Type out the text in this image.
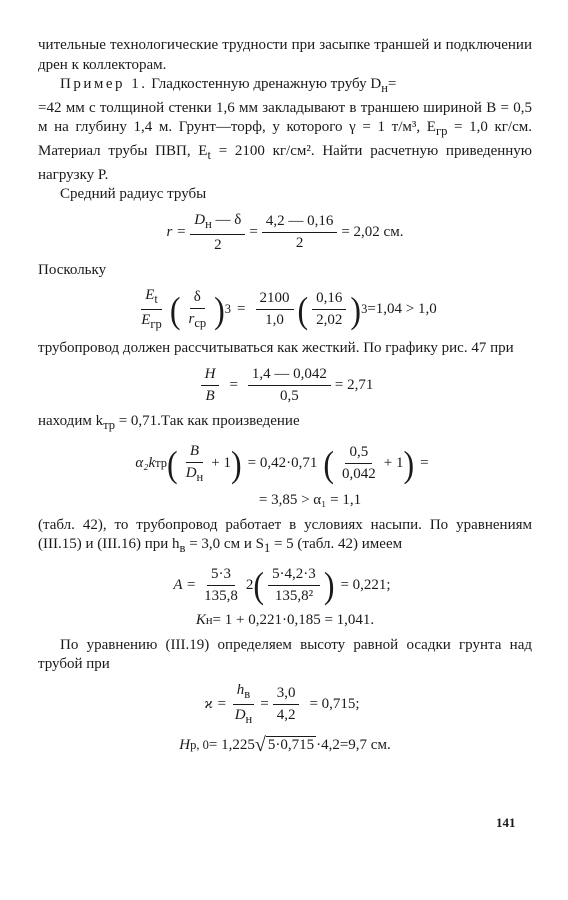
чительные технологические трудности при засыпке траншей и подключении дрен к коллекторам.

Пример 1. Гладкостенную дренажную трубу $D_н=$
=42 мм с толщиной стенки 1,6 мм закладывают в траншею шириной B = 0,5 м на глубину 1,4 м. Грунт—торф, у которого γ = 1 т/м³, $E_{гр} = 1,0$ кг/см. Материал трубы ПВП, $E_t = 2100$ кг/см². Найти расчетную приведенную нагрузку P.

Средний радиус трубы

$r = \frac{D_н — \delta}{2} = \frac{4,2 — 0,16}{2} = 2,02$ см.

Поскольку

$\frac{E_t}{E_{гр}}$ ( $\frac{\delta}{r_{ср}}$ ) $3 = \frac{2100}{1,0}$ ( $\frac{0,16}{2,02}$ ) 3 =1,04 > 1,0

трубопровод должен рассчитываться как жесткий. По графику рис. 47 при

$\frac{H}{B} = \frac{1,4 — 0,042}{0,5} = 2,71$

находим $k_{тр} = 0,71.Так$ как произведение

α₂k тр ( $\frac{B}{D_н} + 1$ ) = 0,42·0,71 ( $\frac{0,5}{0,042} + 1$ ) =
= 3,85 > α₁ = 1,1

(табл. 42), то трубопровод работает в условиях насыпи. По уравнениям (III.15) и (III.16) при $h_в = 3,0$ см и $S_1 = 5$ (табл. 42) имеем

$A = \frac{5\cdot 3}{135,8} 2$ ( $\frac{5\cdot 4,2\cdot 3}{\text{135,8²}}$ ) = 0,221;
K н = 1 + 0,221·0,185 = 1,041.

По уравнению (III.19) определяем высоту равной осадки грунта над трубой при

$ϰ = \frac{h_в}{D_н} = \frac{3,0}{4,2} = 0,715$;
H р, 0 = 1,225 √ 5·0,715 ·4,2=9,7 см.
141
